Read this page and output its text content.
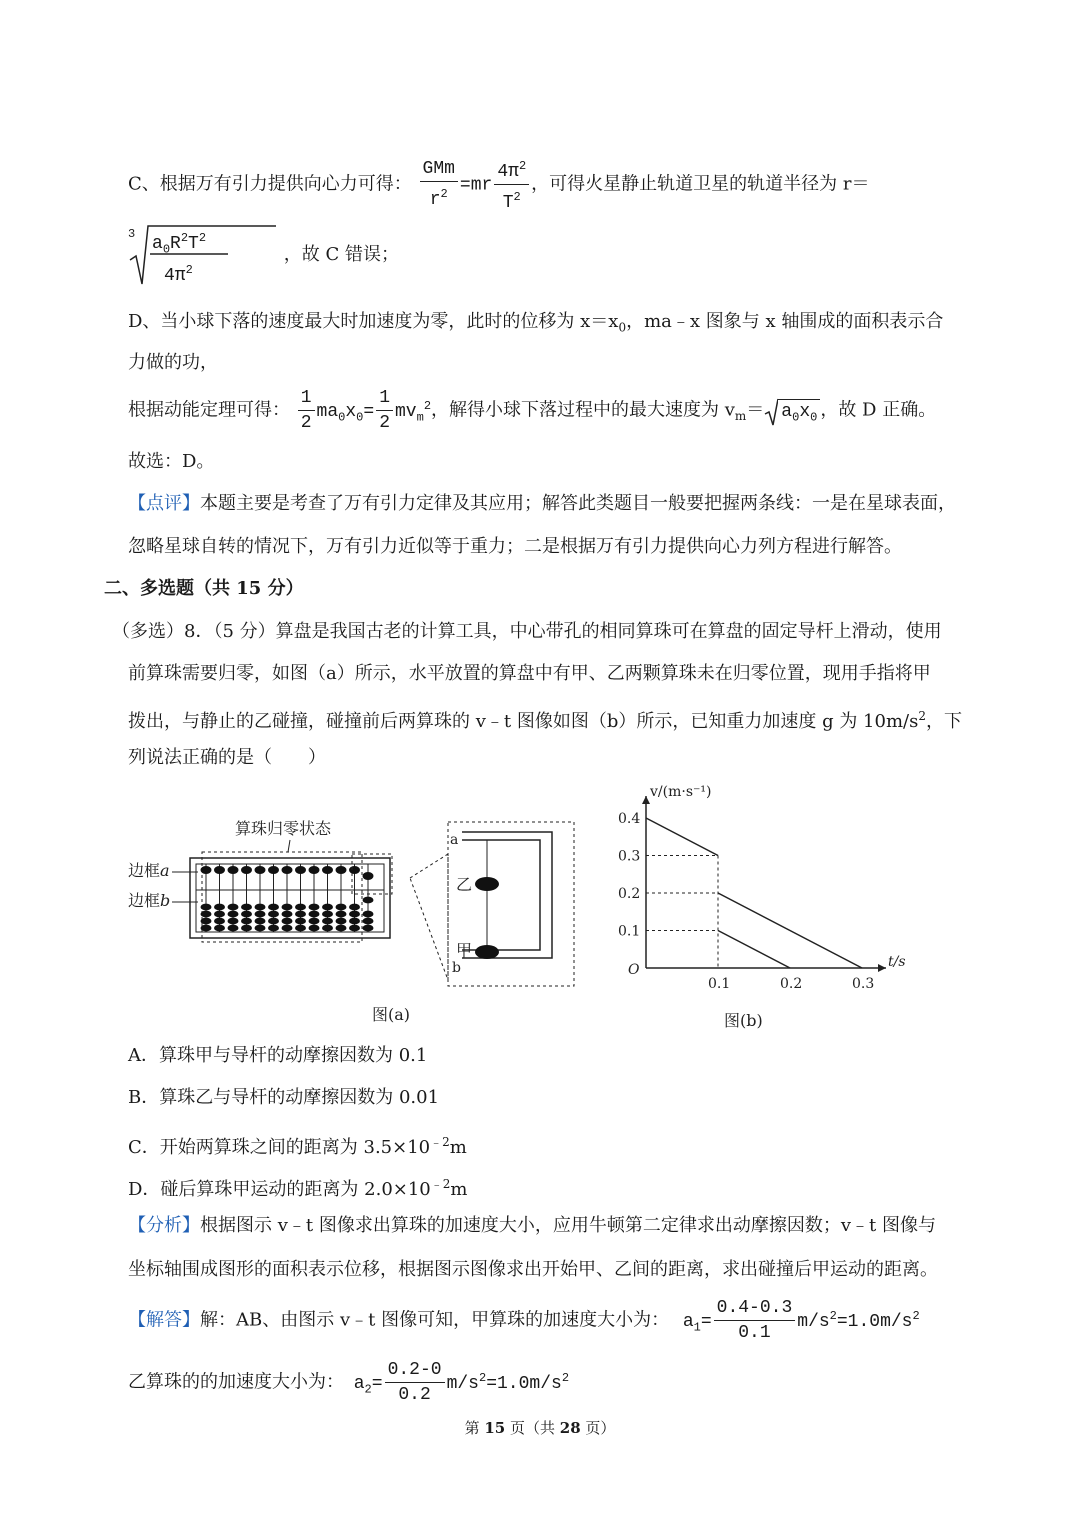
C、根据万有引力提供向心力可得： $\frac{\text{GMm}}{r^2} =mr \frac{4\pi^2}{T^2}$ ，可得火星静止轨道卫星的轨道半径为 r＝
3 $a_0R^2T^2$
$4\pi^2$
，故 C 错误；
D、当小球下落的速度最大时加速度为零，此时的位移为 $x=x_0$，ma﹣x 图象与 x 轴围成的面积表示合
力做的功，
根据动能定理可得： $\frac{1}{2} ma_0x_0= \frac{1}{2} mv_m^2$，解得小球下落过程中的最大速度为 $v_m= a_0x_0$ ，故 D 正确。
故选：D。
【点评】本题主要是考查了万有引力定律及其应用；解答此类题目一般要把握两条线：一是在星球表面，
忽略星球自转的情况下，万有引力近似等于重力；二是根据万有引力提供向心力列方程进行解答。
二、多选题（共 15 分）
（多选）8．（5 分）算盘是我国古老的计算工具，中心带孔的相同算珠可在算盘的固定导杆上滑动，使用
前算珠需要归零，如图（a）所示，水平放置的算盘中有甲、乙两颗算珠未在归零位置，现用手指将甲
拨出，与静止的乙碰撞，碰撞前后两算珠的 v﹣t 图像如图（b）所示，已知重力加速度 g 为 $10m/s^2$，下
列说法正确的是（　　）
算珠归零状态
边框a
边框b
a
b
乙
甲
图(a)
0.1
0.2
0.3
0.4
0.1	0.2	0.3
O
v/(m·s⁻¹)
t/s
图(b)
A．算珠甲与导杆的动摩擦因数为 0.1
B．算珠乙与导杆的动摩擦因数为 0.01
C．开始两算珠之间的距离为 $3.5\times 10^{﹣2}m$
D．碰后算珠甲运动的距离为 $2.0\times 10^{﹣2}m$
【分析】根据图示 v﹣t 图像求出算珠的加速度大小，应用牛顿第二定律求出动摩擦因数；v﹣t 图像与
坐标轴围成图形的面积表示位移，根据图示图像求出开始甲、乙间的距离，求出碰撞后甲运动的距离。
【解答】解：AB、由图示 v﹣t 图像可知，甲算珠的加速度大小为： $a_1= \frac{0.4-0.3}{0.1} m/s^2=1.0m/s^2$
乙算珠的的加速度大小为： $a_2= \frac{0.2-0}{0.2} m/s^2=1.0m/s^2$
第 15 页（共 28 页）
